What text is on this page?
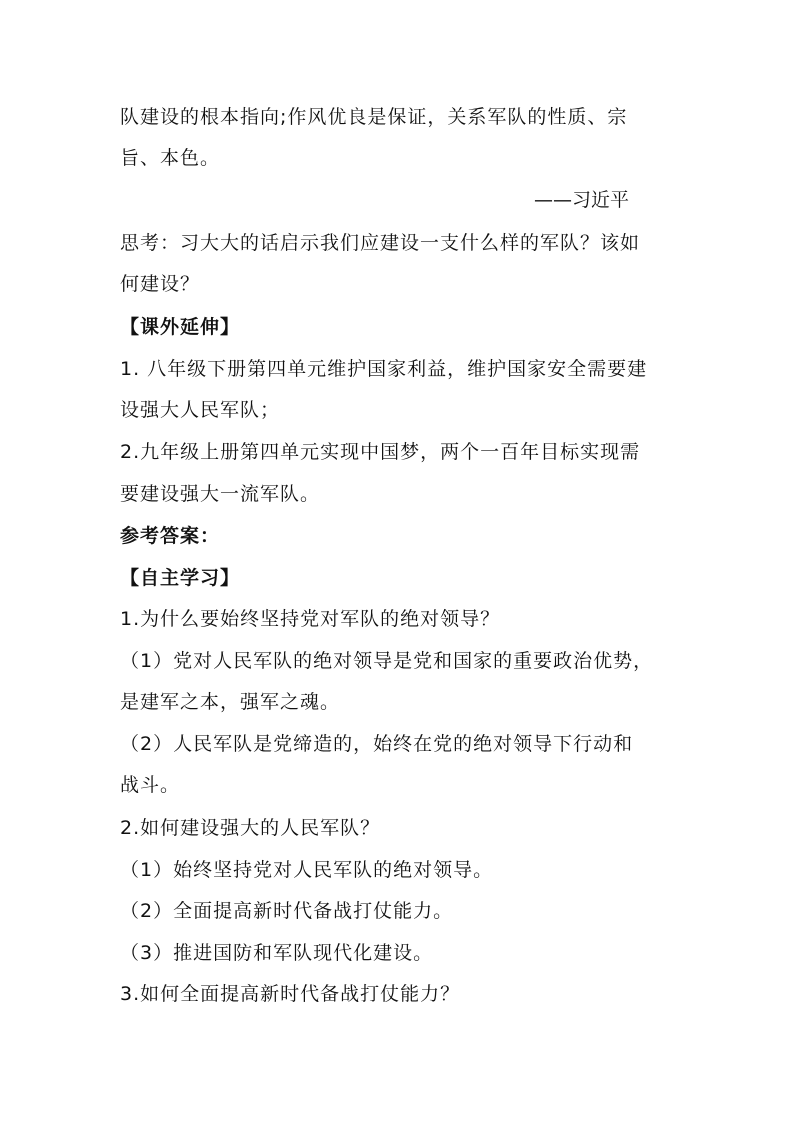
队建设的根本指向;作风优良是保证，关系军队的性质、宗
旨、本色。
——习近平
思考：习大大的话启示我们应建设一支什么样的军队？该如
何建设？
【课外延伸】
1. 八年级下册第四单元维护国家利益，维护国家安全需要建
设强大人民军队；
2.九年级上册第四单元实现中国梦，两个一百年目标实现需
要建设强大一流军队。
参考答案：
【自主学习】
1.为什么要始终坚持党对军队的绝对领导？
（1）党对人民军队的绝对领导是党和国家的重要政治优势，
是建军之本，强军之魂。
（2）人民军队是党缔造的，始终在党的绝对领导下行动和
战斗。
2.如何建设强大的人民军队？
（1）始终坚持党对人民军队的绝对领导。
（2）全面提高新时代备战打仗能力。
（3）推进国防和军队现代化建设。
3.如何全面提高新时代备战打仗能力？
